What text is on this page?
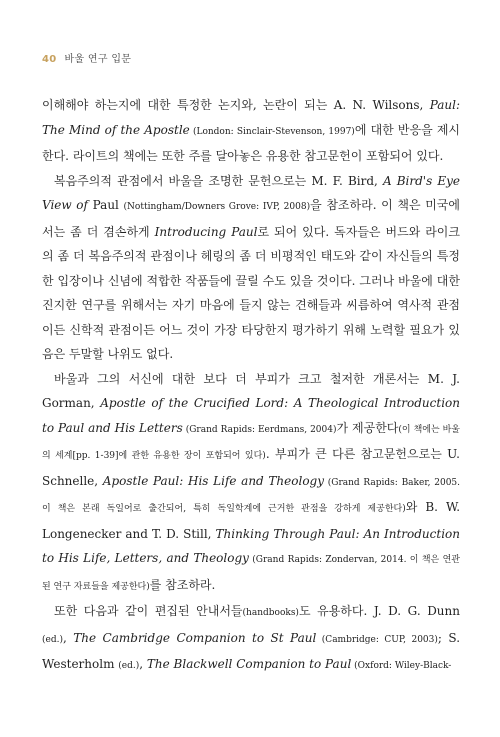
40 바울 연구 입문

이해해야 하는지에 대한 특정한 논지와, 논란이 되는 A. N. Wilsons, Paul: The Mind of the Apostle (London: Sinclair-Stevenson, 1997)에 대한 반응을 제시한다. 라이트의 책에는 또한 주를 달아놓은 유용한 참고문헌이 포함되어 있다.

복음주의적 관점에서 바울을 조명한 문헌으로는 M. F. Bird, A Bird's Eye View of Paul (Nottingham/Downers Grove: IVP, 2008)을 참조하라. 이 책은 미국에서는 좀 더 겸손하게 Introducing Paul로 되어 있다. 독자들은 버드와 라이크의 좀 더 복음주의적 관점이나 헤링의 좀 더 비평적인 태도와 같이 자신들의 특정한 입장이나 신념에 적합한 작품들에 끌릴 수도 있을 것이다. 그러나 바울에 대한 진지한 연구를 위해서는 자기 마음에 들지 않는 견해들과 씨름하여 역사적 관점이든 신학적 관점이든 어느 것이 가장 타당한지 평가하기 위해 노력할 필요가 있음은 두말할 나위도 없다.

바울과 그의 서신에 대한 보다 더 부피가 크고 철저한 개론서는 M. J. Gorman, Apostle of the Crucified Lord: A Theological Introduction to Paul and His Letters (Grand Rapids: Eerdmans, 2004)가 제공한다(이 책에는 바울의 세계[pp. 1-39]에 관한 유용한 장이 포함되어 있다). 부피가 큰 다른 참고문헌으로는 U. Schnelle, Apostle Paul: His Life and Theology (Grand Rapids: Baker, 2005. 이 책은 본래 독일어로 출간되어, 특히 독일학계에 근거한 관점을 강하게 제공한다)와 B. W. Longenecker and T. D. Still, Thinking Through Paul: An Introduction to His Life, Letters, and Theology (Grand Rapids: Zondervan, 2014. 이 책은 연관된 연구 자료들을 제공한다)를 참조하라.

또한 다음과 같이 편집된 안내서들(handbooks)도 유용하다. J. D. G. Dunn (ed.), The Cambridge Companion to St Paul (Cambridge: CUP, 2003); S. Westerholm (ed.), The Blackwell Companion to Paul (Oxford: Wiley-Black-
